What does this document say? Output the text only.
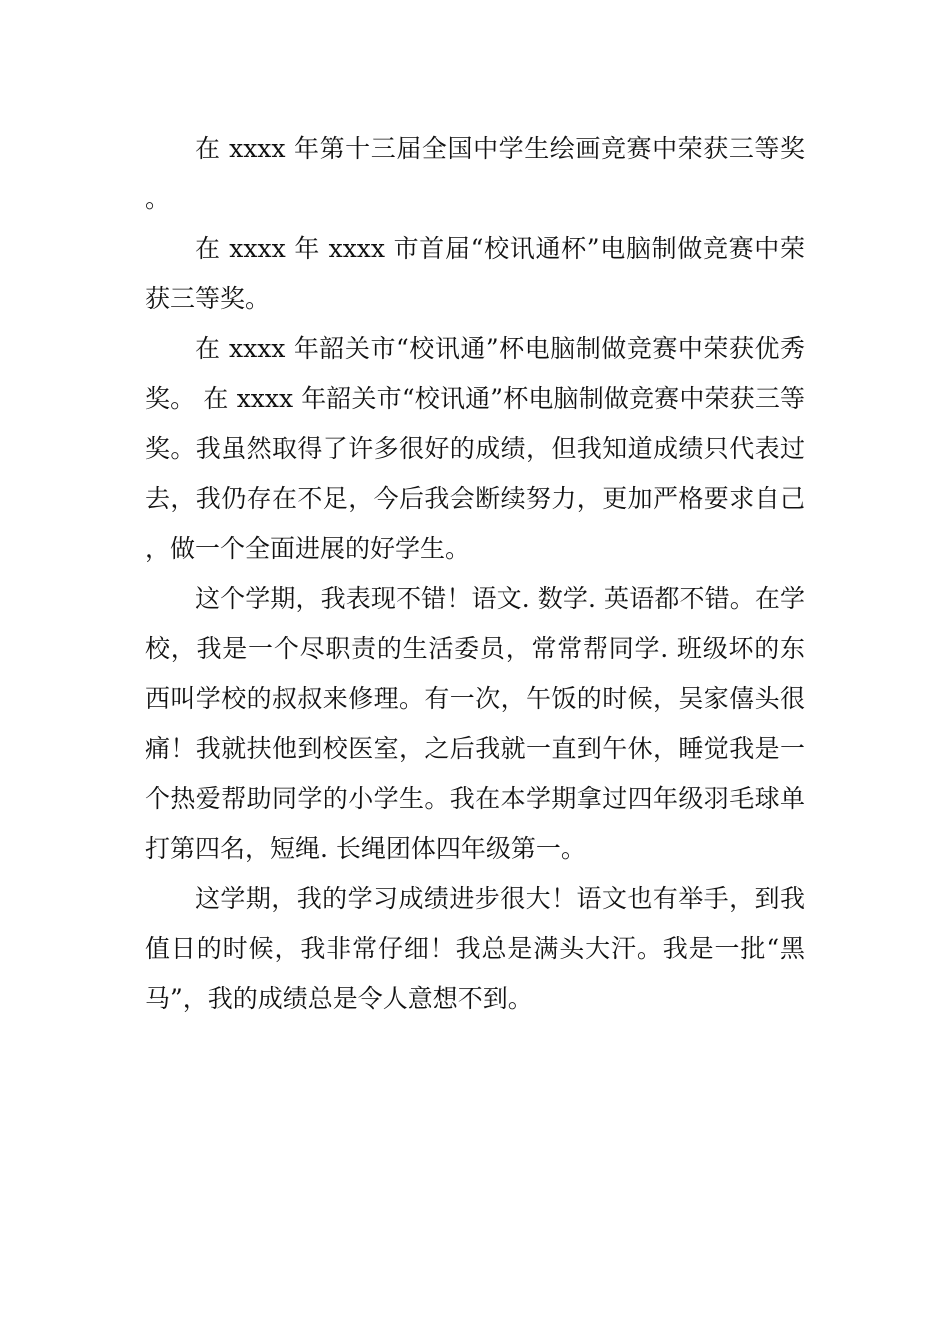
在 xxxx 年第十三届全国中学生绘画竞赛中荣获三等奖。

在 xxxx 年 xxxx 市首届“校讯通杯”电脑制做竞赛中荣获三等奖。

在 xxxx 年韶关市“校讯通”杯电脑制做竞赛中荣获优秀奖。 在 xxxx 年韶关市“校讯通”杯电脑制做竞赛中荣获三等奖。我虽然取得了许多很好的成绩，但我知道成绩只代表过去，我仍存在不足，今后我会断续努力，更加严格要求自己，做一个全面进展的好学生。

这个学期，我表现不错！语文. 数学. 英语都不错。在学校，我是一个尽职责的生活委员，常常帮同学. 班级坏的东西叫学校的叔叔来修理。有一次，午饭的时候，吴家僖头很痛！我就扶他到校医室，之后我就一直到午休，睡觉我是一个热爱帮助同学的小学生。我在本学期拿过四年级羽毛球单打第四名，短绳. 长绳团体四年级第一。

这学期，我的学习成绩进步很大！语文也有举手，到我值日的时候，我非常仔细！我总是满头大汗。我是一批“黑马”，我的成绩总是令人意想不到。
